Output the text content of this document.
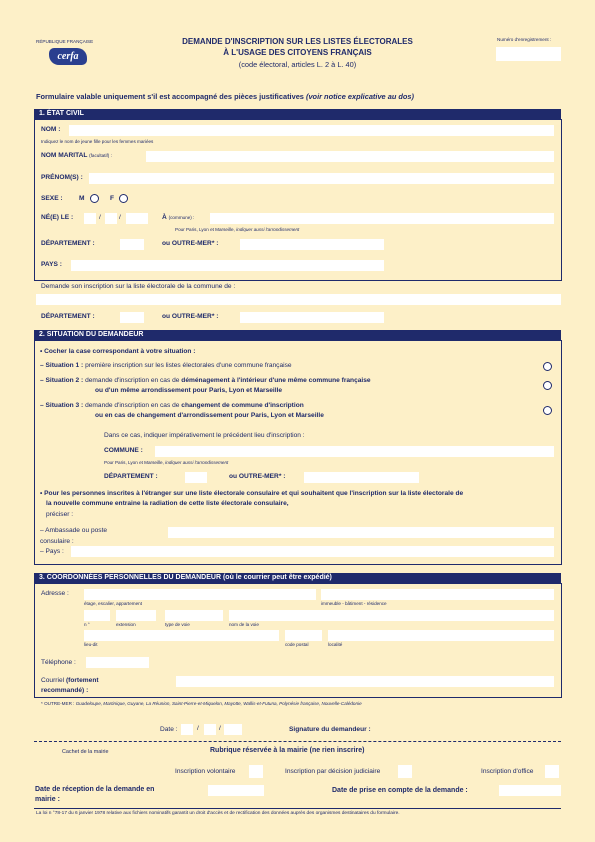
RÉPUBLIQUE FRANÇAISE
cerfa
DEMANDE D'INSCRIPTION SUR LES LISTES ÉLECTORALES
À L'USAGE DES CITOYENS FRANÇAIS
(code électoral, articles L. 2 à L. 40)
Numéro d'enregistrement :
Formulaire valable uniquement s'il est accompagné des pièces justificatives (voir notice explicative au dos)
1. ÉTAT CIVIL
NOM :
Indiquez le nom de jeune fille pour les femmes mariées
NOM MARITAL (facultatif) :
PRÉNOM(S) :
SEXE : M	F
NÉ(E) LE :	/	/	À (commune) :
Pour Paris, Lyon et Marseille, indiquer aussi l'arrondissement
DÉPARTEMENT :	ou OUTRE-MER* :
PAYS :
Demande son inscription sur la liste électorale de la commune de :
DÉPARTEMENT :	ou OUTRE-MER* :
2. SITUATION DU DEMANDEUR
• Cocher la case correspondant à votre situation :
– Situation 1 : première inscription sur les listes électorales d'une commune française
– Situation 2 : demande d'inscription en cas de déménagement à l'intérieur d'une même commune française
ou d'un même arrondissement pour Paris, Lyon et Marseille
– Situation 3 : demande d'inscription en cas de changement de commune d'inscription
ou en cas de changement d'arrondissement pour Paris, Lyon et Marseille
Dans ce cas, indiquer impérativement le précédent lieu d'inscription :
COMMUNE :
Pour Paris, Lyon et Marseille, indiquer aussi l'arrondissement
DÉPARTEMENT :	ou OUTRE-MER* :
• Pour les personnes inscrites à l'étranger sur une liste électorale consulaire et qui souhaitent que l'inscription sur la liste électorale de
la nouvelle commune entraine la radiation de cette liste électorale consulaire,
préciser :
– Ambassade ou poste
consulaire :
– Pays :
3. COORDONNÉES PERSONNELLES DU DEMANDEUR (où le courrier peut être expédié)
Adresse :
étage, escalier, appartement	immeuble - bâtiment - résidence
n °	extension	type de voie	nom de la voie
lieu-dit	code postal	localité
Téléphone :
Courriel (fortement
recommandé) :
* OUTRE-MER : Guadeloupe, Martinique, Guyane, La Réunion, Saint-Pierre-et-Miquelon, Mayotte, Wallis-et-Futuna, Polynésie française, Nouvelle-Calédonie
Date :	/	/	Signature du demandeur :
Cachet de la mairie	Rubrique réservée à la mairie (ne rien inscrire)
Inscription volontaire	Inscription par décision judiciaire	Inscription d'office
Date de réception de la demande en
mairie :
Date de prise en compte de la demande :
La loi n °78-17 du 6 janvier 1978 relative aux fichiers nominatifs garantit un droit d'accès et de rectification des données auprès des organismes destinataires du formulaire.
